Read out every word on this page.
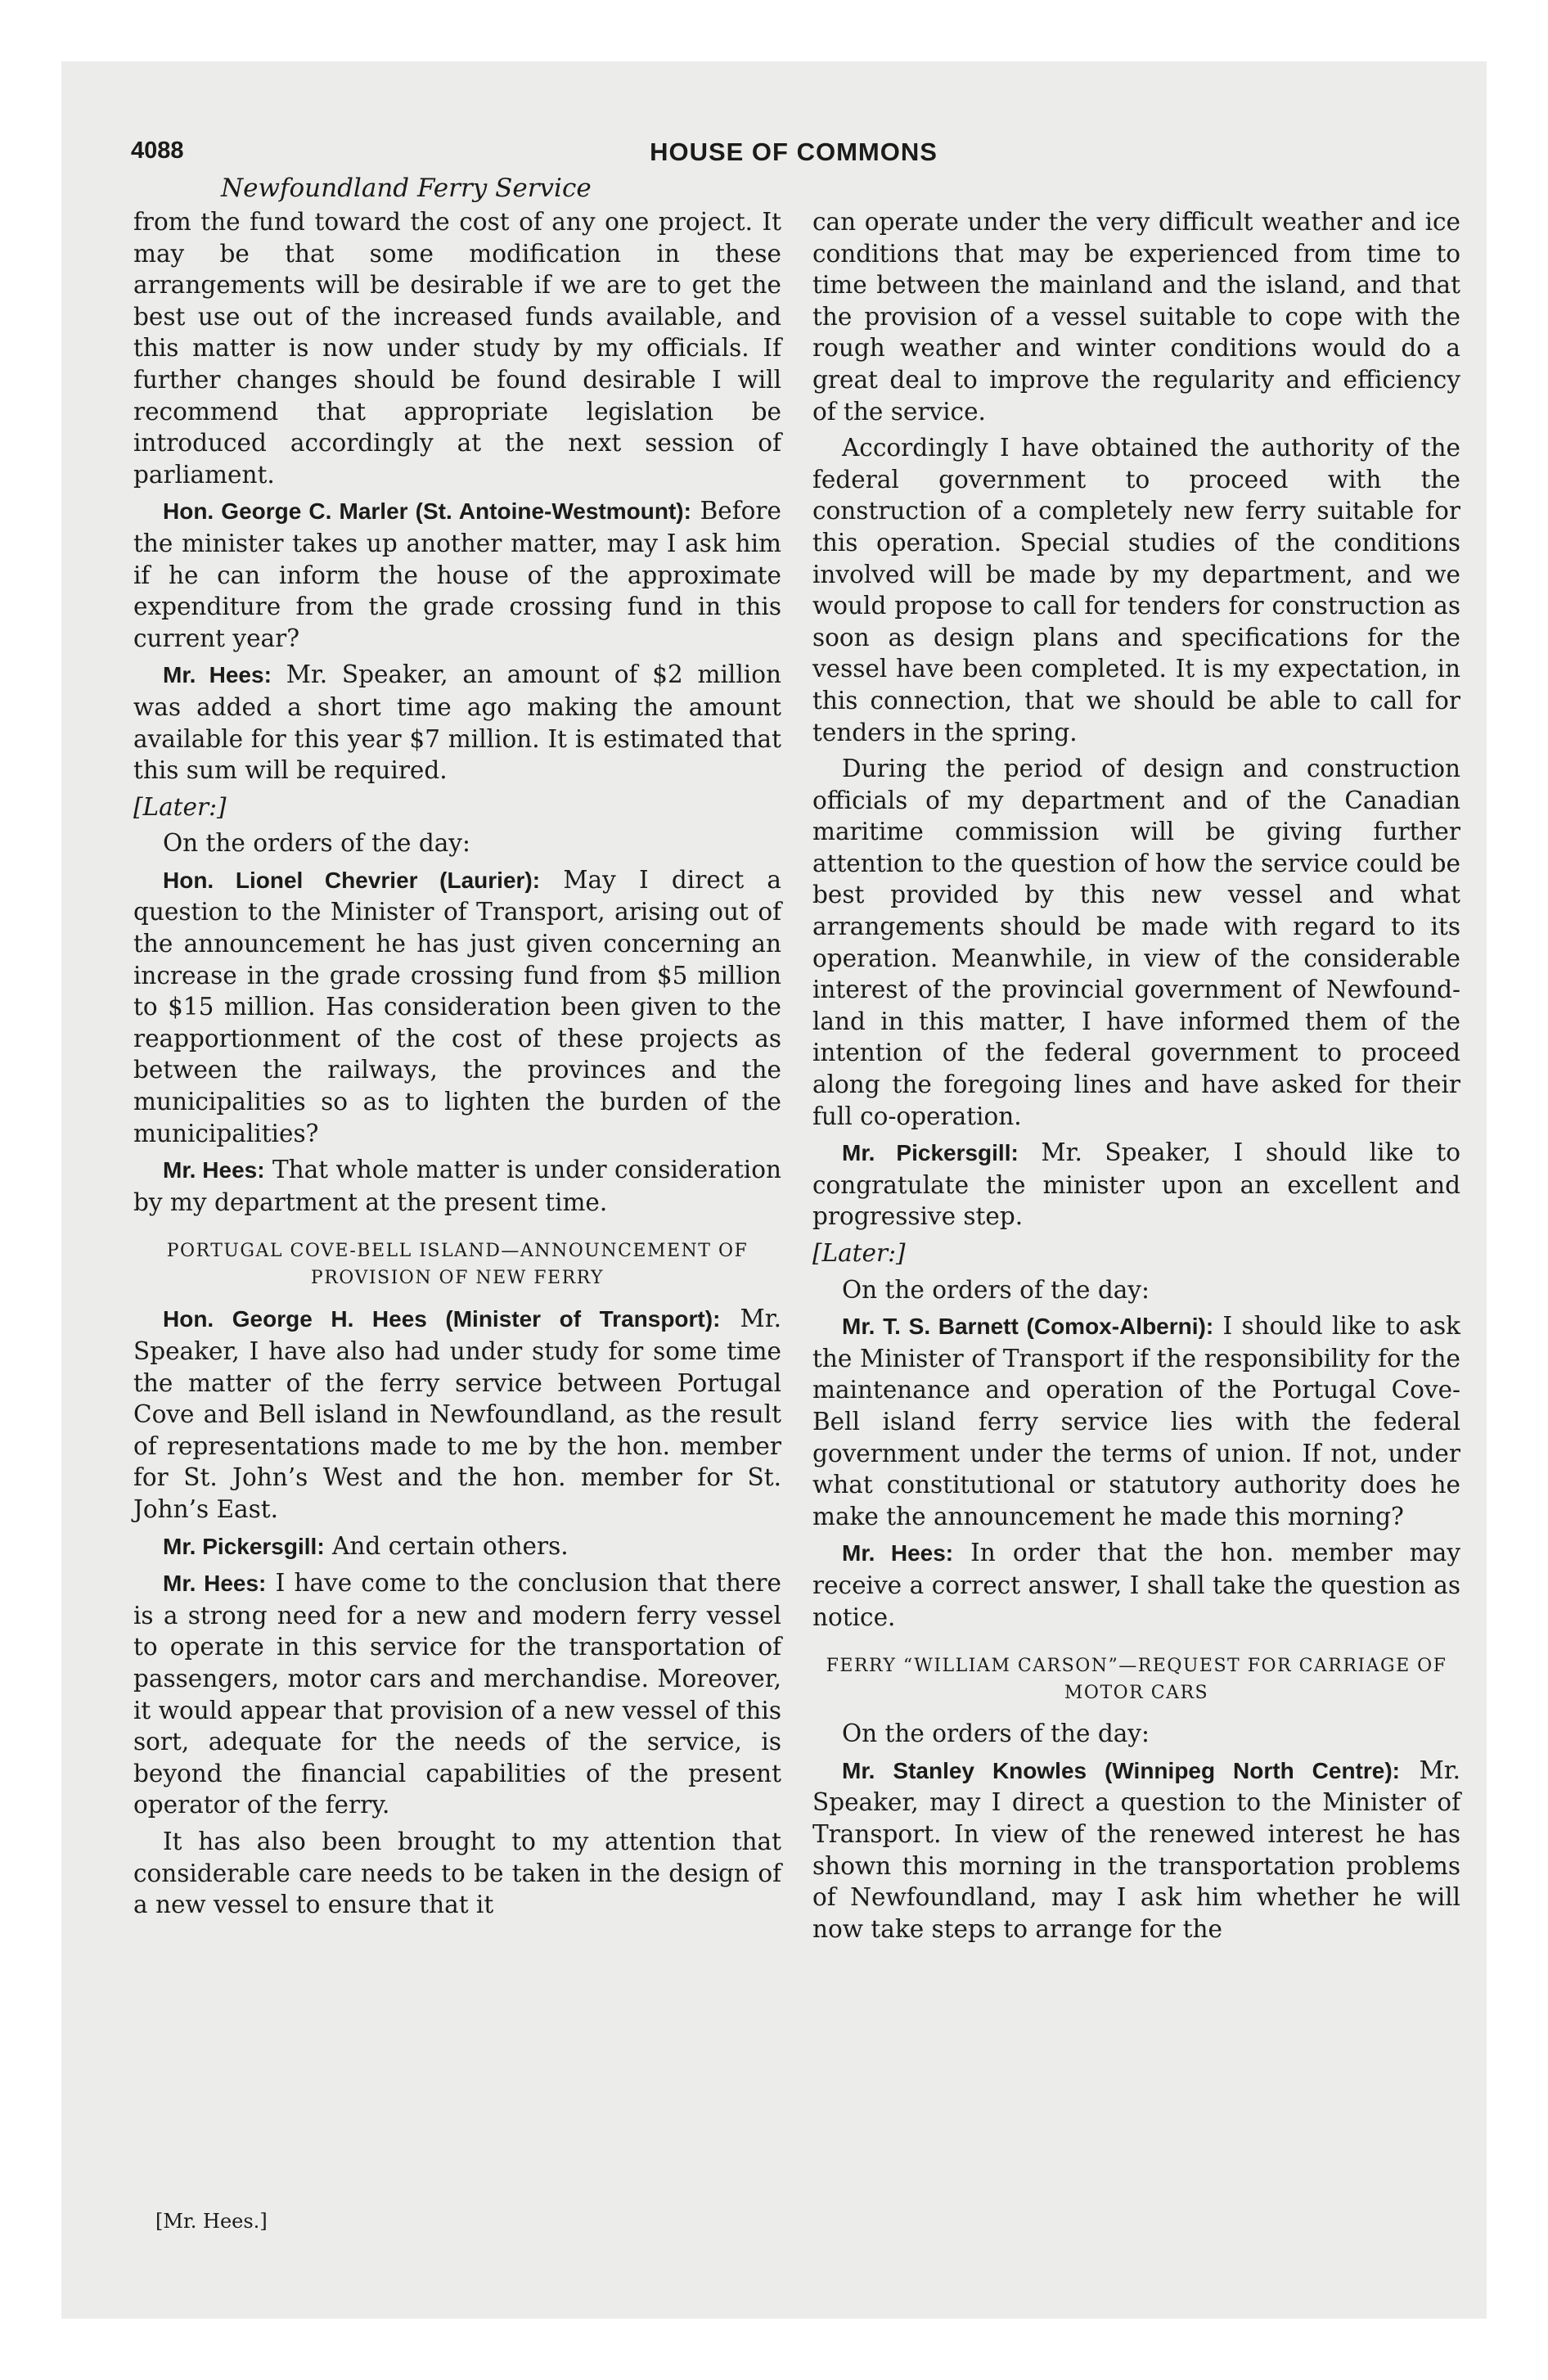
4088	HOUSE OF COMMONS
Newfoundland Ferry Service

from the fund toward the cost of any one project. It may be that some modification in these arrangements will be desirable if we are to get the best use out of the increased funds available, and this matter is now under study by my officials. If further changes should be found desirable I will recommend that appropriate legislation be introduced accordingly at the next session of parliament.

Hon. George C. Marler (St. Antoine-Westmount): Before the minister takes up another matter, may I ask him if he can inform the house of the approximate expenditure from the grade crossing fund in this current year?

Mr. Hees: Mr. Speaker, an amount of $2 million was added a short time ago making the amount available for this year $7 million. It is estimated that this sum will be required.

[Later:]

On the orders of the day:

Hon. Lionel Chevrier (Laurier): May I direct a question to the Minister of Transport, arising out of the announcement he has just given concerning an increase in the grade crossing fund from $5 million to $15 million. Has consideration been given to the reapportionment of the cost of these projects as between the railways, the provinces and the municipalities so as to lighten the burden of the municipalities?

Mr. Hees: That whole matter is under consideration by my department at the present time.

PORTUGAL COVE-BELL ISLAND—ANNOUNCEMENT OF PROVISION OF NEW FERRY

Hon. George H. Hees (Minister of Transport): Mr. Speaker, I have also had under study for some time the matter of the ferry service between Portugal Cove and Bell island in Newfoundland, as the result of representations made to me by the hon. member for St. John’s West and the hon. member for St. John’s East.

Mr. Pickersgill: And certain others.

Mr. Hees: I have come to the conclusion that there is a strong need for a new and modern ferry vessel to operate in this service for the transportation of passengers, motor cars and merchandise. Moreover, it would appear that provision of a new vessel of this sort, adequate for the needs of the service, is beyond the financial capabilities of the present operator of the ferry.

It has also been brought to my attention that considerable care needs to be taken in the design of a new vessel to ensure that it

can operate under the very difficult weather and ice conditions that may be experienced from time to time between the mainland and the island, and that the provision of a vessel suitable to cope with the rough weather and winter conditions would do a great deal to improve the regularity and efficiency of the service.

Accordingly I have obtained the authority of the federal government to proceed with the construction of a completely new ferry suitable for this operation. Special studies of the conditions involved will be made by my department, and we would propose to call for tenders for construction as soon as design plans and specifications for the vessel have been completed. It is my expectation, in this connection, that we should be able to call for tenders in the spring.

During the period of design and construction officials of my department and of the Canadian maritime commission will be giving further attention to the question of how the service could be best provided by this new vessel and what arrangements should be made with regard to its operation. Meanwhile, in view of the considerable interest of the provincial government of Newfoundland in this matter, I have informed them of the intention of the federal government to proceed along the foregoing lines and have asked for their full co-operation.

Mr. Pickersgill: Mr. Speaker, I should like to congratulate the minister upon an excellent and progressive step.

[Later:]

On the orders of the day:

Mr. T. S. Barnett (Comox-Alberni): I should like to ask the Minister of Transport if the responsibility for the maintenance and operation of the Portugal Cove-Bell island ferry service lies with the federal government under the terms of union. If not, under what constitutional or statutory authority does he make the announcement he made this morning?

Mr. Hees: In order that the hon. member may receive a correct answer, I shall take the question as notice.

FERRY “WILLIAM CARSON”—REQUEST FOR CARRIAGE OF MOTOR CARS

On the orders of the day:

Mr. Stanley Knowles (Winnipeg North Centre): Mr. Speaker, may I direct a question to the Minister of Transport. In view of the renewed interest he has shown this morning in the transportation problems of Newfoundland, may I ask him whether he will now take steps to arrange for the

[Mr. Hees.]
